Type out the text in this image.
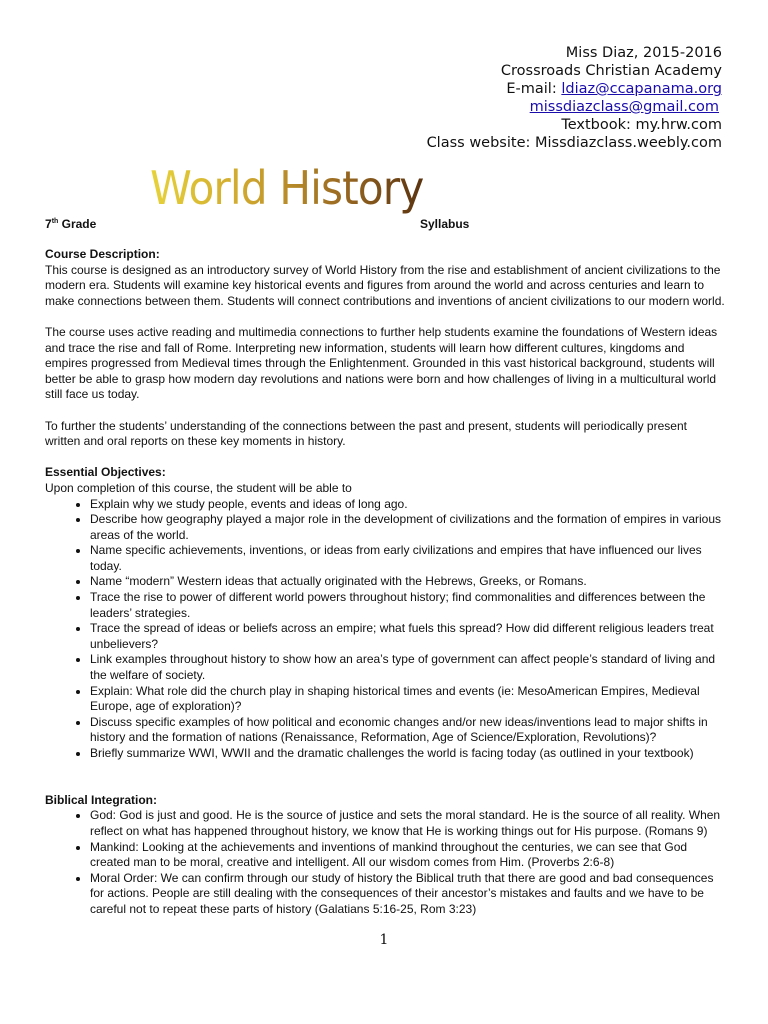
Miss Diaz, 2015-2016
Crossroads Christian Academy
E-mail: ldiaz@ccapanama.org
missdiazclass@gmail.com
Textbook: my.hrw.com
Class website: Missdiazclass.weebly.com
World History
7th Grade	Syllabus
Course Description:

This course is designed as an introductory survey of World History from the rise and establishment of ancient civilizations to the modern era. Students will examine key historical events and figures from around the world and across centuries and learn to make connections between them. Students will connect contributions and inventions of ancient civilizations to our modern world.

The course uses active reading and multimedia connections to further help students examine the foundations of Western ideas and trace the rise and fall of Rome. Interpreting new information, students will learn how different cultures, kingdoms and empires progressed from Medieval times through the Enlightenment. Grounded in this vast historical background, students will better be able to grasp how modern day revolutions and nations were born and how challenges of living in a multicultural world still face us today.

To further the students’ understanding of the connections between the past and present, students will periodically present written and oral reports on these key moments in history.

Essential Objectives:

Upon completion of this course, the student will be able to

• Explain why we study people, events and ideas of long ago.
• Describe how geography played a major role in the development of civilizations and the formation of empires in various areas of the world.
• Name specific achievements, inventions, or ideas from early civilizations and empires that have influenced our lives today.
• Name “modern” Western ideas that actually originated with the Hebrews, Greeks, or Romans.
• Trace the rise to power of different world powers throughout history; find commonalities and differences between the leaders’ strategies.
• Trace the spread of ideas or beliefs across an empire; what fuels this spread? How did different religious leaders treat unbelievers?
• Link examples throughout history to show how an area’s type of government can affect people’s standard of living and the welfare of society.
• Explain: What role did the church play in shaping historical times and events (ie: MesoAmerican Empires, Medieval Europe, age of exploration)?
• Discuss specific examples of how political and economic changes and/or new ideas/inventions lead to major shifts in history and the formation of nations (Renaissance, Reformation, Age of Science/Exploration, Revolutions)?
• Briefly summarize WWI, WWII and the dramatic challenges the world is facing today (as outlined in your textbook)
Biblical Integration:
• God: God is just and good. He is the source of justice and sets the moral standard. He is the source of all reality. When reflect on what has happened throughout history, we know that He is working things out for His purpose. (Romans 9)
• Mankind: Looking at the achievements and inventions of mankind throughout the centuries, we can see that God created man to be moral, creative and intelligent. All our wisdom comes from Him. (Proverbs 2:6-8)
• Moral Order: We can confirm through our study of history the Biblical truth that there are good and bad consequences for actions. People are still dealing with the consequences of their ancestor’s mistakes and faults and we have to be careful not to repeat these parts of history (Galatians 5:16-25, Rom 3:23)
1
